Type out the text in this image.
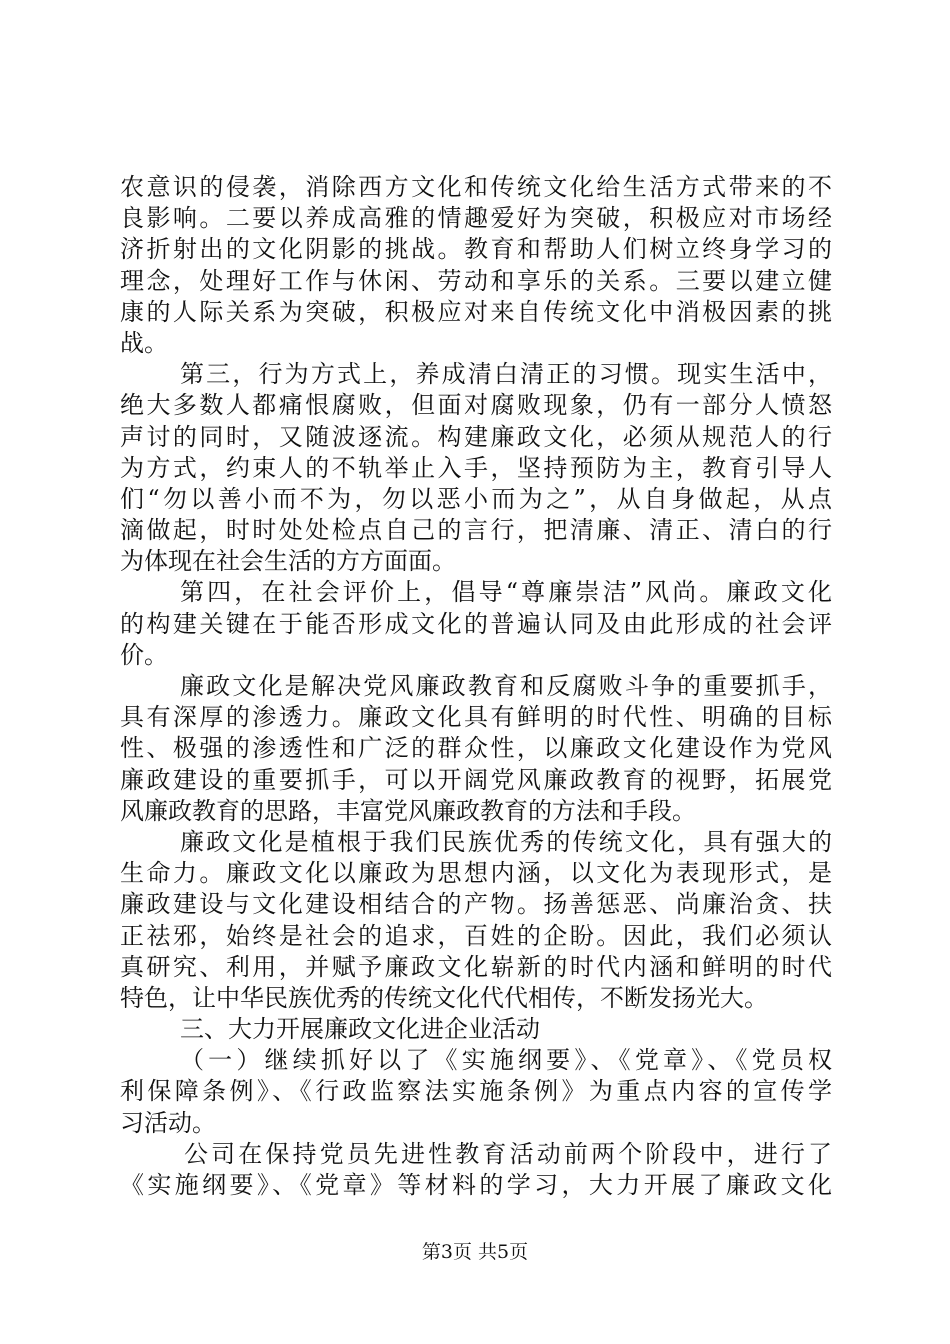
农意识的侵袭，消除西方文化和传统文化给生活方式带来的不
良影响。二要以养成高雅的情趣爱好为突破，积极应对市场经
济折射出的文化阴影的挑战。教育和帮助人们树立终身学习的
理念，处理好工作与休闲、劳动和享乐的关系。三要以建立健
康的人际关系为突破，积极应对来自传统文化中消极因素的挑
战。
第三，行为方式上，养成清白清正的习惯。现实生活中，
绝大多数人都痛恨腐败，但面对腐败现象，仍有一部分人愤怒
声讨的同时，又随波逐流。构建廉政文化，必须从规范人的行
为方式，约束人的不轨举止入手，坚持预防为主，教育引导人
们“勿以善小而不为，勿以恶小而为之”，从自身做起，从点
滴做起，时时处处检点自己的言行，把清廉、清正、清白的行
为体现在社会生活的方方面面。
第四，在社会评价上，倡导“尊廉崇洁”风尚。廉政文化
的构建关键在于能否形成文化的普遍认同及由此形成的社会评
价。
廉政文化是解决党风廉政教育和反腐败斗争的重要抓手，
具有深厚的渗透力。廉政文化具有鲜明的时代性、明确的目标
性、极强的渗透性和广泛的群众性，以廉政文化建设作为党风
廉政建设的重要抓手，可以开阔党风廉政教育的视野，拓展党
风廉政教育的思路，丰富党风廉政教育的方法和手段。
廉政文化是植根于我们民族优秀的传统文化，具有强大的
生命力。廉政文化以廉政为思想内涵，以文化为表现形式，是
廉政建设与文化建设相结合的产物。扬善惩恶、尚廉治贪、扶
正祛邪，始终是社会的追求，百姓的企盼。因此，我们必须认
真研究、利用，并赋予廉政文化崭新的时代内涵和鲜明的时代
特色，让中华民族优秀的传统文化代代相传，不断发扬光大。
三、大力开展廉政文化进企业活动
（一）继续抓好以了《实施纲要》、《党章》、《党员权
利保障条例》、《行政监察法实施条例》为重点内容的宣传学
习活动。
公司在保持党员先进性教育活动前两个阶段中，进行了
《实施纲要》、《党章》等材料的学习，大力开展了廉政文化
第3页 共5页
